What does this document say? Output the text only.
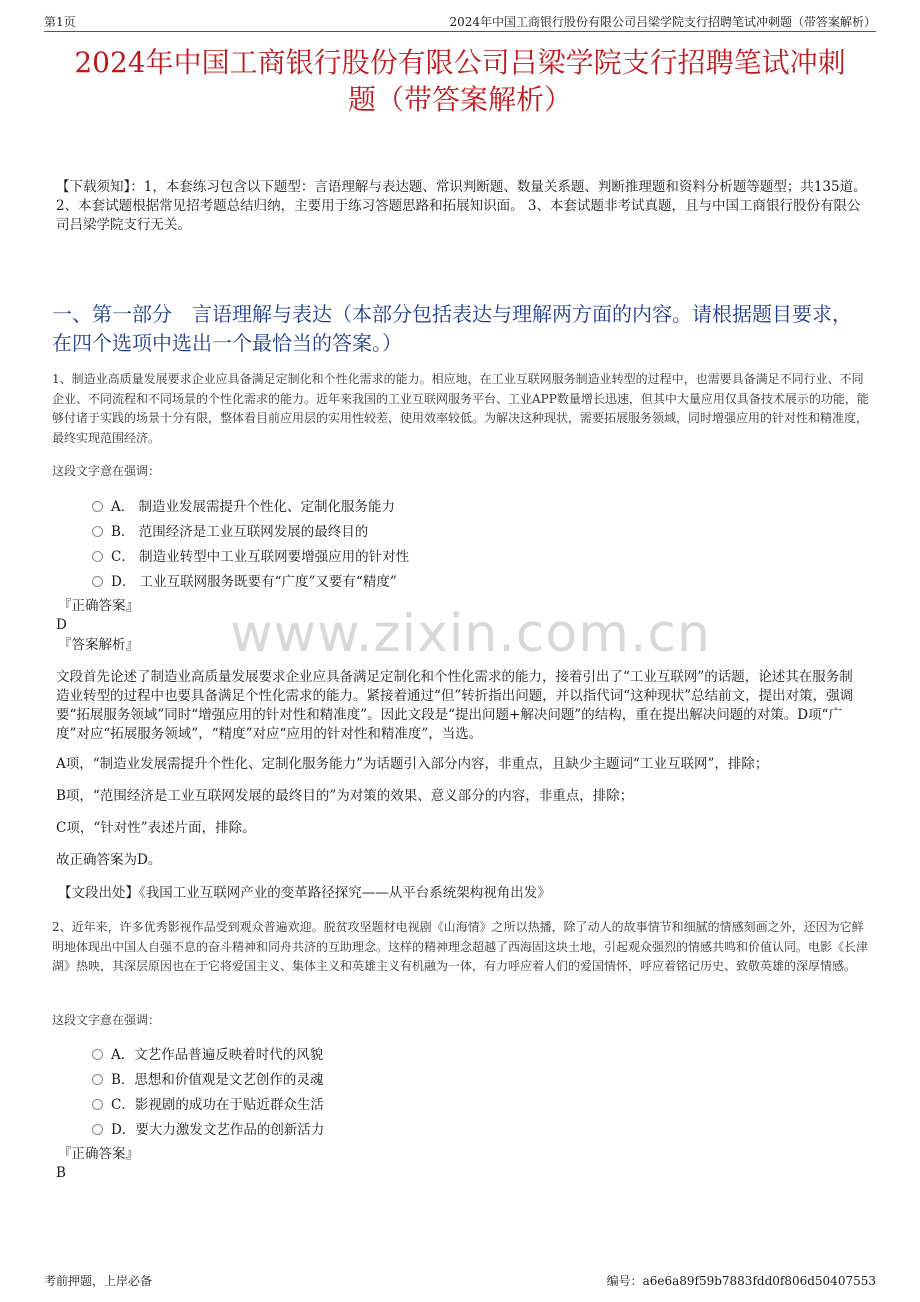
第1页	2024年中国工商银行股份有限公司吕梁学院支行招聘笔试冲刺题（带答案解析）
2024年中国工商银行股份有限公司吕梁学院支行招聘笔试冲刺
题（带答案解析）
【下载须知】：1，本套练习包含以下题型：言语理解与表达题、常识判断题、数量关系题、判断推理题和资料分析题等题型；共135道。 2、本套试题根据常见招考题总结归纳，主要用于练习答题思路和拓展知识面。 3、本套试题非考试真题，且与中国工商银行股份有限公司吕梁学院支行无关。
一、第一部分　言语理解与表达（本部分包括表达与理解两方面的内容。请根据题目要求，在四个选项中选出一个最恰当的答案。）
1、制造业高质量发展要求企业应具备满足定制化和个性化需求的能力。相应地，在工业互联网服务制造业转型的过程中，也需要具备满足不同行业、不同企业、不同流程和不同场景的个性化需求的能力。近年来我国的工业互联网服务平台、工业APP数量增长迅速，但其中大量应用仅具备技术展示的功能，能够付诸于实践的场景十分有限，整体看目前应用层的实用性较差，使用效率较低。为解决这种现状，需要拓展服务领域，同时增强应用的针对性和精准度，最终实现范围经济。
这段文字意在强调：
A． 制造业发展需提升个性化、定制化服务能力
B． 范围经济是工业互联网发展的最终目的
C． 制造业转型中工业互联网要增强应用的针对性
D． 工业互联网服务既要有“广度”又要有“精度”
『正确答案』
D
『答案解析』
文段首先论述了制造业高质量发展要求企业应具备满足定制化和个性化需求的能力，接着引出了“工业互联网”的话题，论述其在服务制造业转型的过程中也要具备满足个性化需求的能力。紧接着通过“但”转折指出问题，并以指代词“这种现状”总结前文，提出对策，强调要“拓展服务领域”同时“增强应用的针对性和精准度”。因此文段是“提出问题+解决问题”的结构，重在提出解决问题的对策。D项“广度”对应“拓展服务领域”，“精度”对应“应用的针对性和精准度”，当选。
A项，“制造业发展需提升个性化、定制化服务能力”为话题引入部分内容，非重点，且缺少主题词“工业互联网”，排除；
B项，“范围经济是工业互联网发展的最终目的”为对策的效果、意义部分的内容，非重点，排除；
C项，“针对性”表述片面，排除。
故正确答案为D。
【文段出处】《我国工业互联网产业的变革路径探究——从平台系统架构视角出发》
2、近年来，许多优秀影视作品受到观众普遍欢迎。脱贫攻坚题材电视剧《山海情》之所以热播，除了动人的故事情节和细腻的情感刻画之外，还因为它鲜明地体现出中国人自强不息的奋斗精神和同舟共济的互助理念。这样的精神理念超越了西海固这块土地，引起观众强烈的情感共鸣和价值认同。电影《长津湖》热映，其深层原因也在于它将爱国主义、集体主义和英雄主义有机融为一体，有力呼应着人们的爱国情怀，呼应着铭记历史、致敬英雄的深厚情感。
这段文字意在强调：
A．文艺作品普遍反映着时代的风貌
B．思想和价值观是文艺创作的灵魂
C．影视剧的成功在于贴近群众生活
D．要大力激发文艺作品的创新活力
『正确答案』
B
www.zixin.com.cn
考前押题，上岸必备	编号：a6e6a89f59b7883fdd0f806d50407553
